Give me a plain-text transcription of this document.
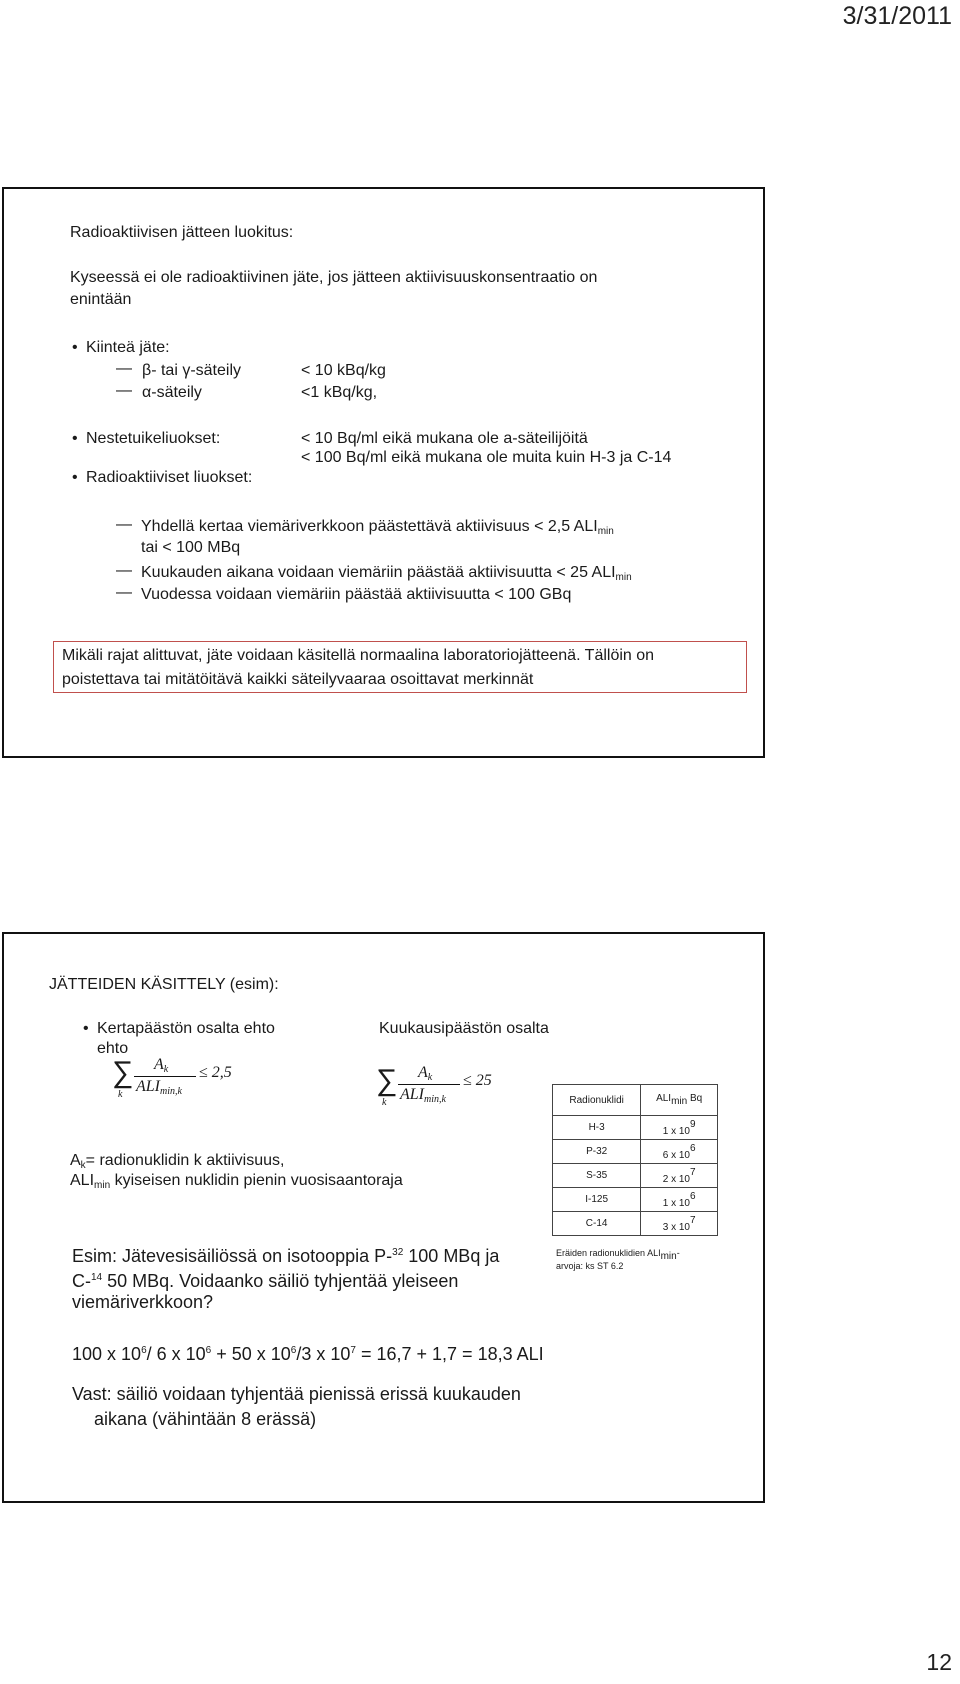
3/31/2011
Radioaktiivisen jätteen luokitus:
Kyseessä ei ole radioaktiivinen jäte, jos jätteen aktiivisuuskonsentraatio on
enintään
• Kiinteä jäte:
— β- tai γ-säteily	< 10 kBq/kg
— α-säteily	<1 kBq/kg,
• Nestetuikeliuokset:	< 10 Bq/ml eikä mukana ole a-säteilijöitä
< 100 Bq/ml eikä mukana ole muita kuin H-3 ja C-14
• Radioaktiiviset liuokset:
— Yhdellä kertaa viemäriverkkoon päästettävä aktiivisuus < 2,5 $ALI_{min}$
tai < 100 MBq
— Kuukauden aikana voidaan viemäriin päästää aktiivisuutta < 25 $ALI_{min}$
— Vuodessa voidaan viemäriin päästää aktiivisuutta < 100 GBq
Mikäli rajat alittuvat, jäte voidaan käsitellä normaalina laboratoriojätteenä. Tällöin on
poistettava tai mitätöitävä kaikki säteilyvaaraa osoittavat merkinnät
JÄTTEIDEN KÄSITTELY (esim):
• Kertapäästön osalta ehto
ehto
Kuukausipäästön osalta
∑
k
$A_k$
$ALI_{min,k}$
≤ 2,5	∑
k
$A_k$
$ALI_{min,k}$
≤ 25
$A_k=$ radionuklidin k aktiivisuus,
$ALI_{min}$ kyiseisen nuklidin pienin vuosisaantoraja
Radionuklidi	$ALI_{min}$ Bq
H-3	1 x $10^9$
P-32	6 x $10^6$
S-35	2 x $10^7$
I-125	1 x $10^6$
C-14	3 x $10^7$
Eräiden radionuklidien $ALI_{min}-$
arvoja: ks ST 6.2
Esim: Jätevesisäiliössä on isotooppia P-$^{32}$ 100 MBq ja
C-$^{14}$ 50 MBq. Voidaanko säiliö tyhjentää yleiseen
viemäriverkkoon?
100 x $10^6/$ 6 x $10^6 + 50$ x $10^6/3$ x $10^7 = 16,7 + 1,7 = 18,3$ ALI
Vast: säiliö voidaan tyhjentää pienissä erissä kuukauden
aikana (vähintään 8 erässä)
12
